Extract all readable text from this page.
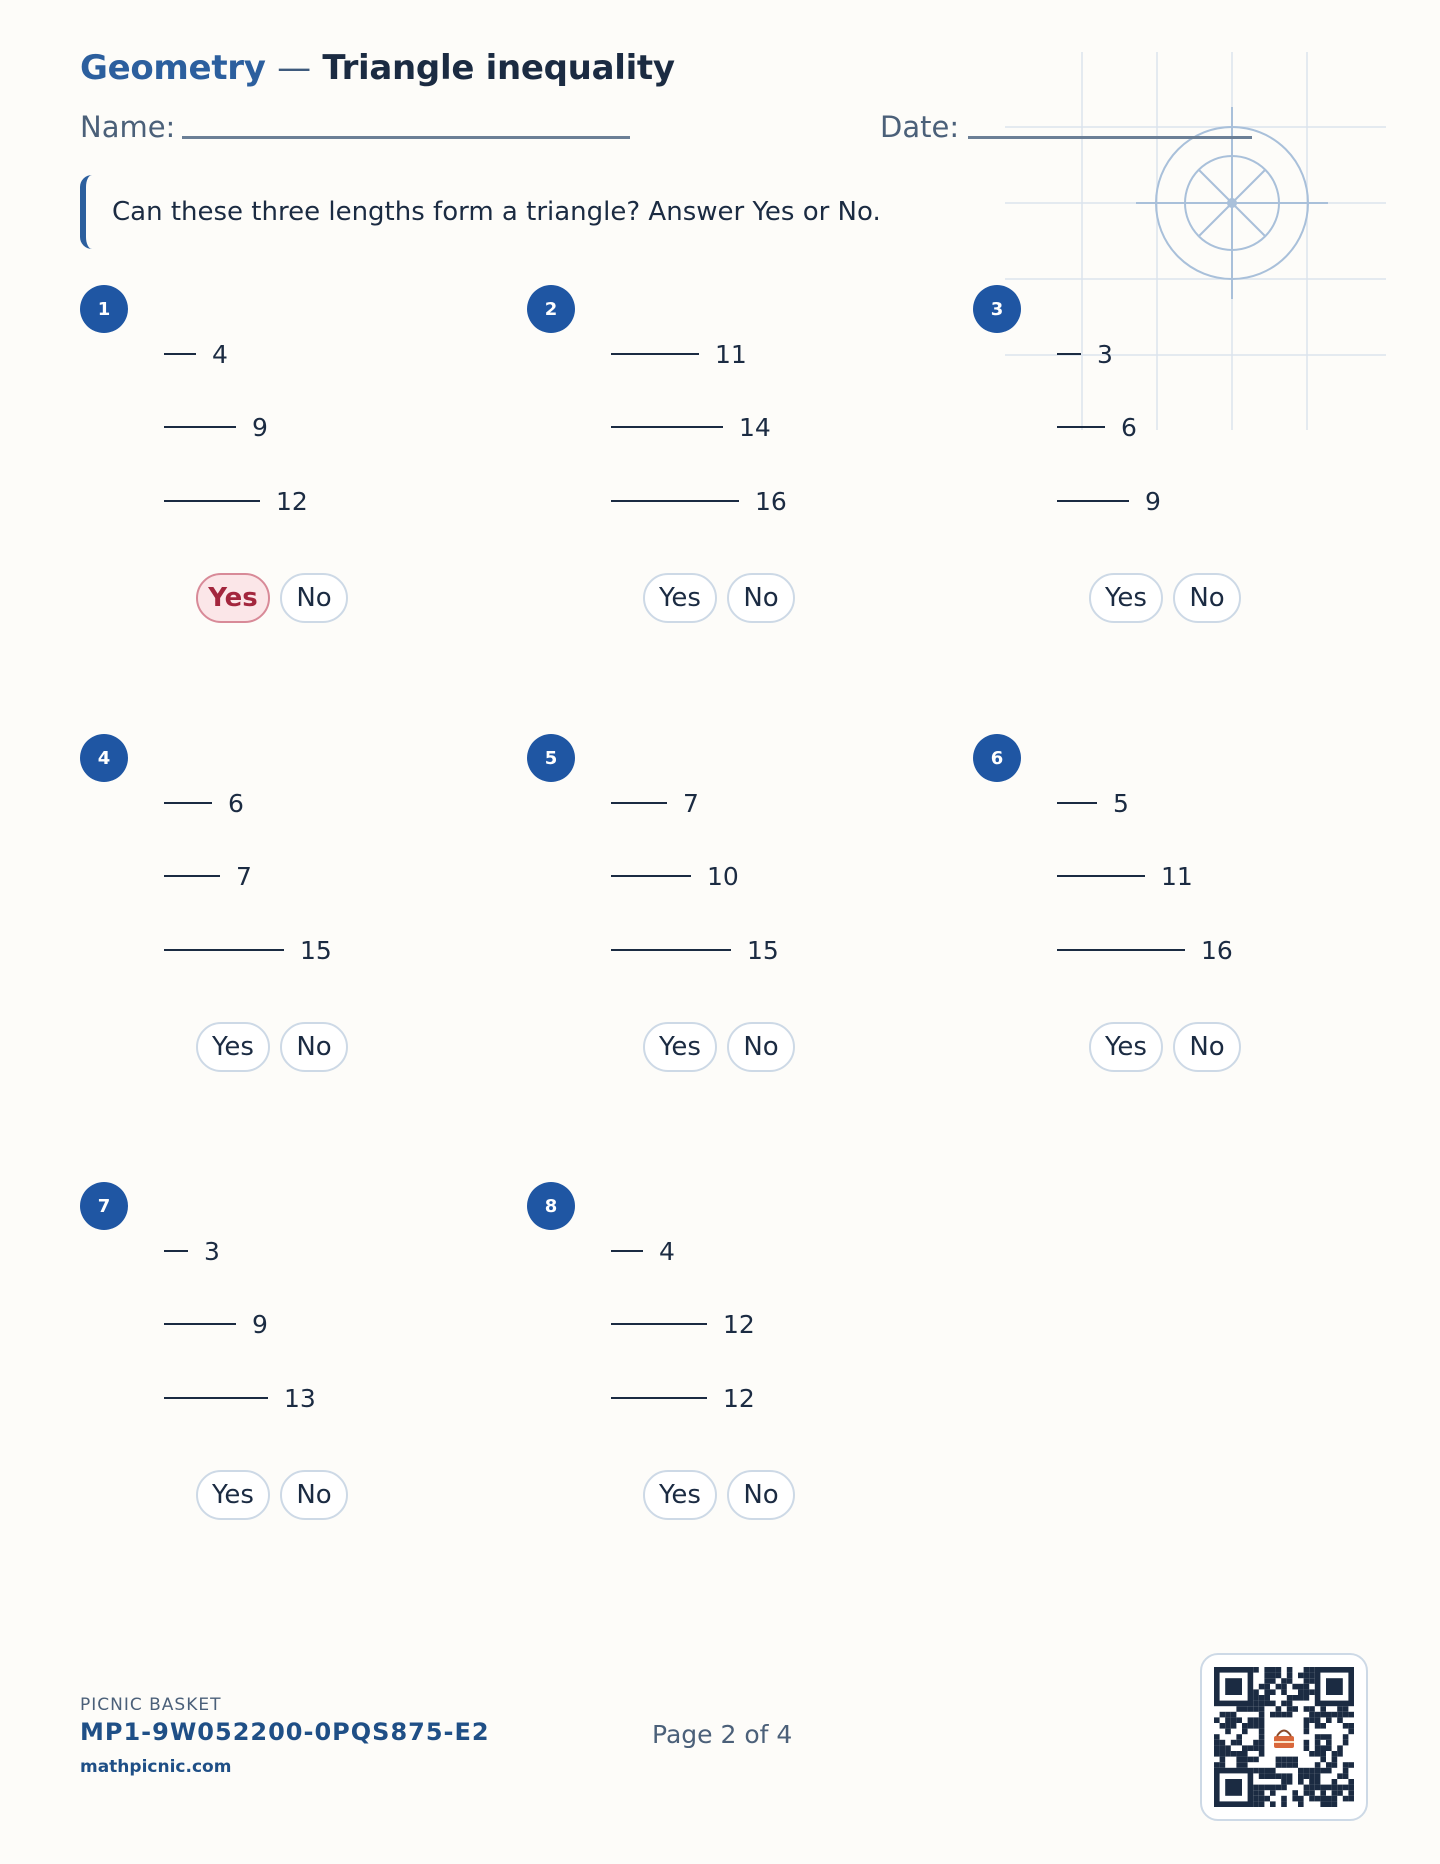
Geometry — Triangle inequality
Name:	Date:
Can these three lengths form a triangle? Answer Yes or No.
1
4
9
12
Yes	No
2
11
14
16
Yes	No
3
3
6
9
Yes	No
4
6
7
15
Yes	No
5
7
10
15
Yes	No
6
5
11
16
Yes	No
7
3
9
13
Yes	No
8
4
12
12
Yes	No
PICNIC BASKET
MP1-9W052200-0PQS875-E2
mathpicnic.com
Page 2 of 4
